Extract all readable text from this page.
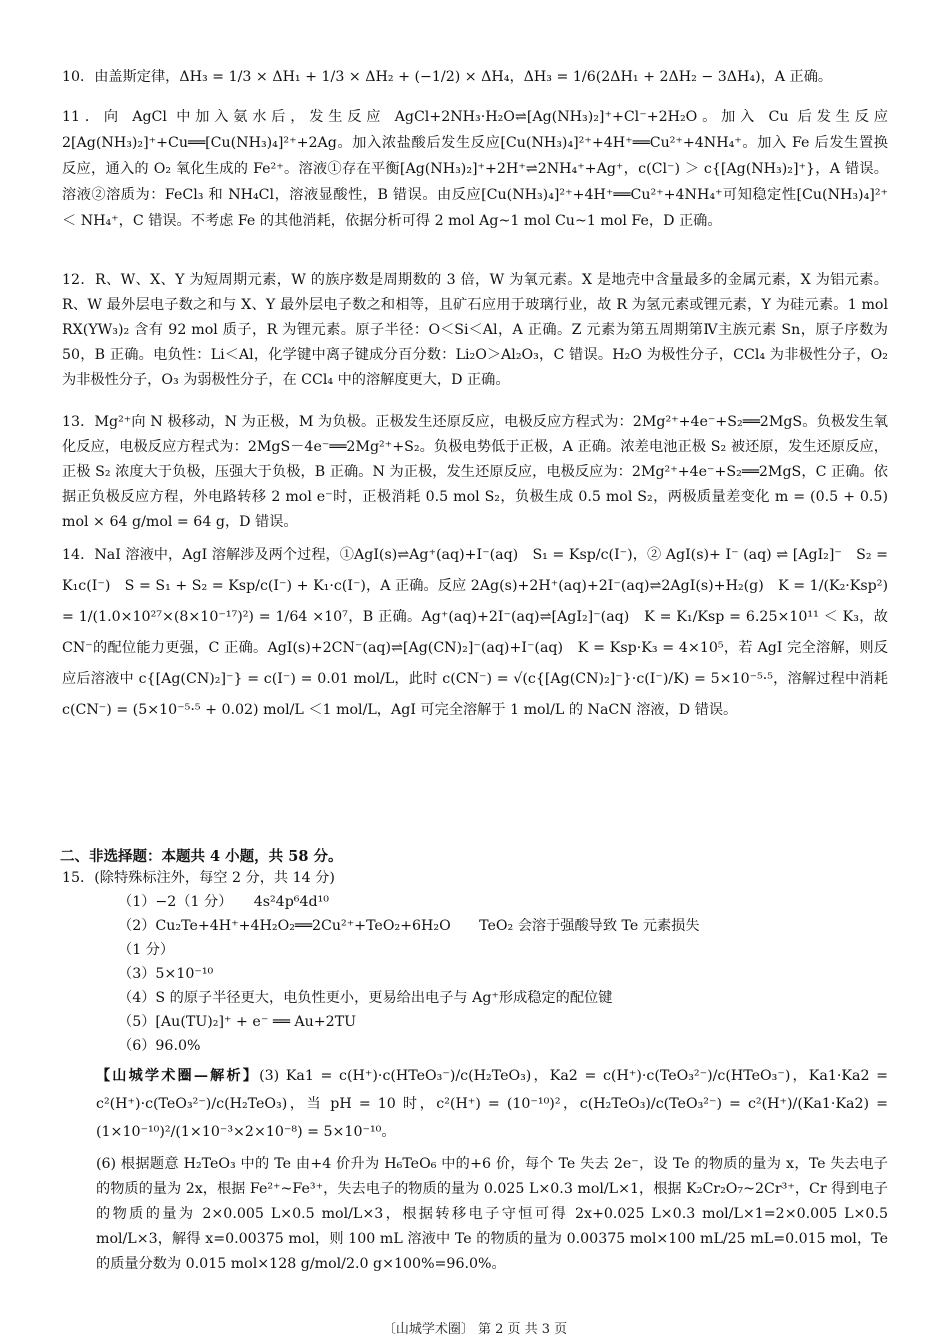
10．由盖斯定律，ΔH₃ = 1/3 × ΔH₁ + 1/3 × ΔH₂ + (−1/2) × ΔH₄，ΔH₃ = 1/6(2ΔH₁ + 2ΔH₂ − 3ΔH₄)，A 正确。
11．向 AgCl 中加入氨水后，发生反应 AgCl+2NH₃·H₂O⇌[Ag(NH₃)₂]⁺+Cl⁻+2H₂O。加入 Cu 后发生反应 2[Ag(NH₃)₂]⁺+Cu══[Cu(NH₃)₄]²⁺+2Ag。加入浓盐酸后发生反应[Cu(NH₃)₄]²⁺+4H⁺══Cu²⁺+4NH₄⁺。加入 Fe 后发生置换反应，通入的 O₂ 氧化生成的 Fe²⁺。溶液①存在平衡[Ag(NH₃)₂]⁺+2H⁺⇌2NH₄⁺+Ag⁺，c(Cl⁻) ＞ c{[Ag(NH₃)₂]⁺}，A 错误。溶液②溶质为：FeCl₃ 和 NH₄Cl，溶液显酸性，B 错误。由反应[Cu(NH₃)₄]²⁺+4H⁺══Cu²⁺+4NH₄⁺可知稳定性[Cu(NH₃)₄]²⁺ ＜ NH₄⁺，C 错误。不考虑 Fe 的其他消耗，依据分析可得 2 mol Ag~1 mol Cu~1 mol Fe，D 正确。
12．R、W、X、Y 为短周期元素，W 的族序数是周期数的 3 倍，W 为氧元素。X 是地壳中含量最多的金属元素，X 为铝元素。R、W 最外层电子数之和与 X、Y 最外层电子数之和相等，且矿石应用于玻璃行业，故 R 为氢元素或锂元素，Y 为硅元素。1 mol RX(YW₃)₂ 含有 92 mol 质子，R 为锂元素。原子半径：O＜Si＜Al，A 正确。Z 元素为第五周期第Ⅳ主族元素 Sn，原子序数为 50，B 正确。电负性：Li＜Al，化学键中离子键成分百分数：Li₂O＞Al₂O₃，C 错误。H₂O 为极性分子，CCl₄ 为非极性分子，O₂ 为非极性分子，O₃ 为弱极性分子，在 CCl₄ 中的溶解度更大，D 正确。
13．Mg²⁺向 N 极移动，N 为正极，M 为负极。正极发生还原反应，电极反应方程式为：2Mg²⁺+4e⁻+S₂══2MgS。负极发生氧化反应，电极反应方程式为：2MgS－4e⁻══2Mg²⁺+S₂。负极电势低于正极，A 正确。浓差电池正极 S₂ 被还原，发生还原反应，正极 S₂ 浓度大于负极，压强大于负极，B 正确。N 为正极，发生还原反应，电极反应为：2Mg²⁺+4e⁻+S₂══2MgS，C 正确。依据正负极反应方程，外电路转移 2 mol e⁻时，正极消耗 0.5 mol S₂，负极生成 0.5 mol S₂，两极质量差变化 m = (0.5 + 0.5) mol × 64 g/mol = 64 g，D 错误。
14．NaI 溶液中，AgI 溶解涉及两个过程，①AgI(s)⇌Ag⁺(aq)+I⁻(aq)　S₁ = Ksp/c(I⁻)，② AgI(s)+ I⁻ (aq) ⇌ [AgI₂]⁻　S₂ = K₁c(I⁻)　S = S₁ + S₂ = Ksp/c(I⁻) + K₁·c(I⁻)，A 正确。反应 2Ag(s)+2H⁺(aq)+2I⁻(aq)⇌2AgI(s)+H₂(g)　K = 1/(K₂·Ksp²) = 1/(1.0×10²⁷×(8×10⁻¹⁷)²) = 1/64 ×10⁷，B 正确。Ag⁺(aq)+2I⁻(aq)⇌[AgI₂]⁻(aq)　K = K₁/Ksp = 6.25×10¹¹ ＜ K₃，故 CN⁻的配位能力更强，C 正确。AgI(s)+2CN⁻(aq)⇌[Ag(CN)₂]⁻(aq)+I⁻(aq)　K = Ksp·K₃ = 4×10⁵，若 AgI 完全溶解，则反应后溶液中 c{[Ag(CN)₂]⁻} = c(I⁻) = 0.01 mol/L，此时 c(CN⁻) = √(c{[Ag(CN)₂]⁻}·c(I⁻)/K) = 5×10⁻⁵·⁵，溶解过程中消耗 c(CN⁻) = (5×10⁻⁵·⁵ + 0.02) mol/L ＜1 mol/L，AgI 可完全溶解于 1 mol/L 的 NaCN 溶液，D 错误。
二、非选择题：本题共 4 小题，共 58 分。
15．(除特殊标注外，每空 2 分，共 14 分)
（1）−2（1 分）　　4s²4p⁶4d¹⁰
（2）Cu₂Te+4H⁺+4H₂O₂══2Cu²⁺+TeO₂+6H₂O　　TeO₂ 会溶于强酸导致 Te 元素损失
（1 分）
（3）5×10⁻¹⁰
（4）S 的原子半径更大，电负性更小，更易给出电子与 Ag⁺形成稳定的配位键
（5）[Au(TU)₂]⁺ + e⁻ ══ Au+2TU
（6）96.0%
【山城学术圈—解析】(3) Ka1 = c(H⁺)·c(HTeO₃⁻)/c(H₂TeO₃)，Ka2 = c(H⁺)·c(TeO₃²⁻)/c(HTeO₃⁻)，Ka1·Ka2 = c²(H⁺)·c(TeO₃²⁻)/c(H₂TeO₃)，当 pH = 10 时，c²(H⁺) = (10⁻¹⁰)²，c(H₂TeO₃)/c(TeO₃²⁻) = c²(H⁺)/(Ka1·Ka2) = (1×10⁻¹⁰)²/(1×10⁻³×2×10⁻⁸) = 5×10⁻¹⁰。
(6) 根据题意 H₂TeO₃ 中的 Te 由+4 价升为 H₆TeO₆ 中的+6 价，每个 Te 失去 2e⁻，设 Te 的物质的量为 x，Te 失去电子的物质的量为 2x，根据 Fe²⁺~Fe³⁺，失去电子的物质的量为 0.025 L×0.3 mol/L×1，根据 K₂Cr₂O₇~2Cr³⁺，Cr 得到电子的物质的量为 2×0.005 L×0.5 mol/L×3，根据转移电子守恒可得 2x+0.025 L×0.3 mol/L×1=2×0.005 L×0.5 mol/L×3，解得 x=0.00375 mol，则 100 mL 溶液中 Te 的物质的量为 0.00375 mol×100 mL/25 mL=0.015 mol，Te 的质量分数为 0.015 mol×128 g/mol/2.0 g×100%=96.0%。
〔山城学术圈〕 第 2 页 共 3 页
